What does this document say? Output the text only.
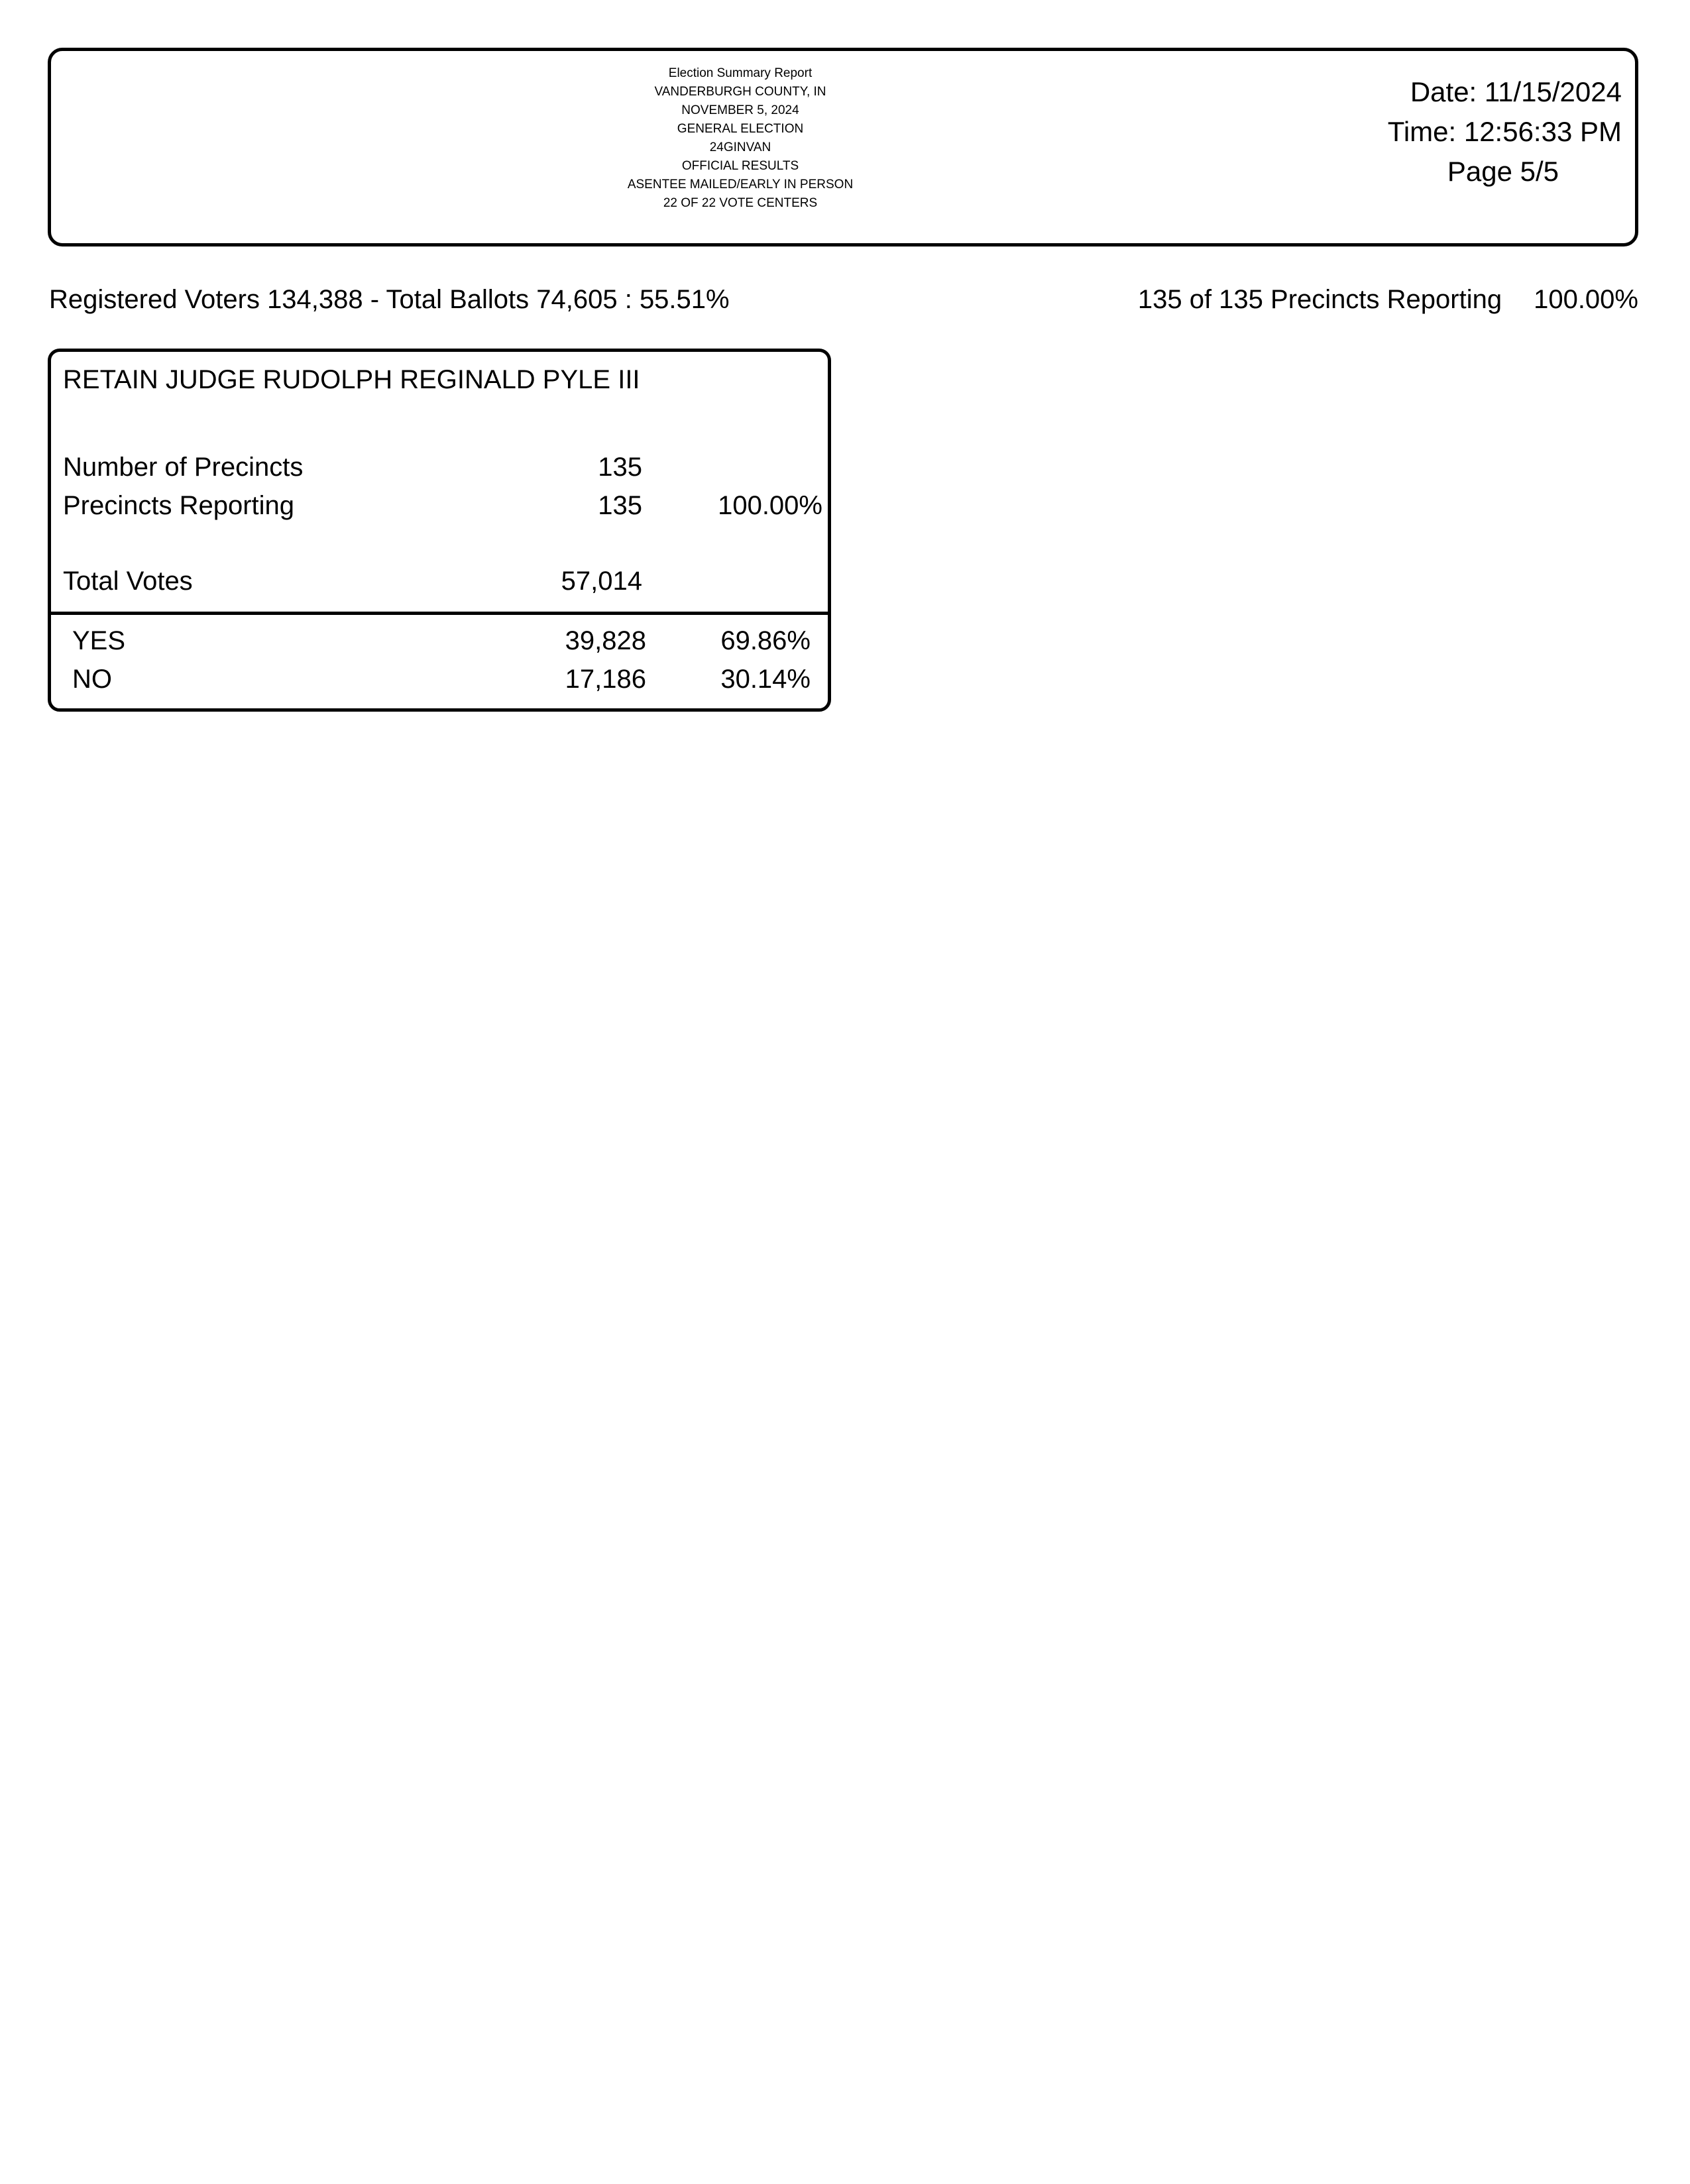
Election Summary Report
VANDERBURGH COUNTY, IN
NOVEMBER 5, 2024
GENERAL ELECTION
24GINVAN
OFFICIAL RESULTS
ASENTEE MAILED/EARLY IN PERSON
22 OF 22 VOTE CENTERS
Date: 11/15/2024
Time: 12:56:33 PM
Page 5/5
Registered Voters 134,388 - Total Ballots 74,605 : 55.51%	135 of 135 Precincts Reporting 100.00%
RETAIN JUDGE RUDOLPH REGINALD PYLE III
Number of Precincts	135
Precincts Reporting	135	100.00%
Total Votes	57,014
YES	39,828	69.86%
NO	17,186	30.14%
